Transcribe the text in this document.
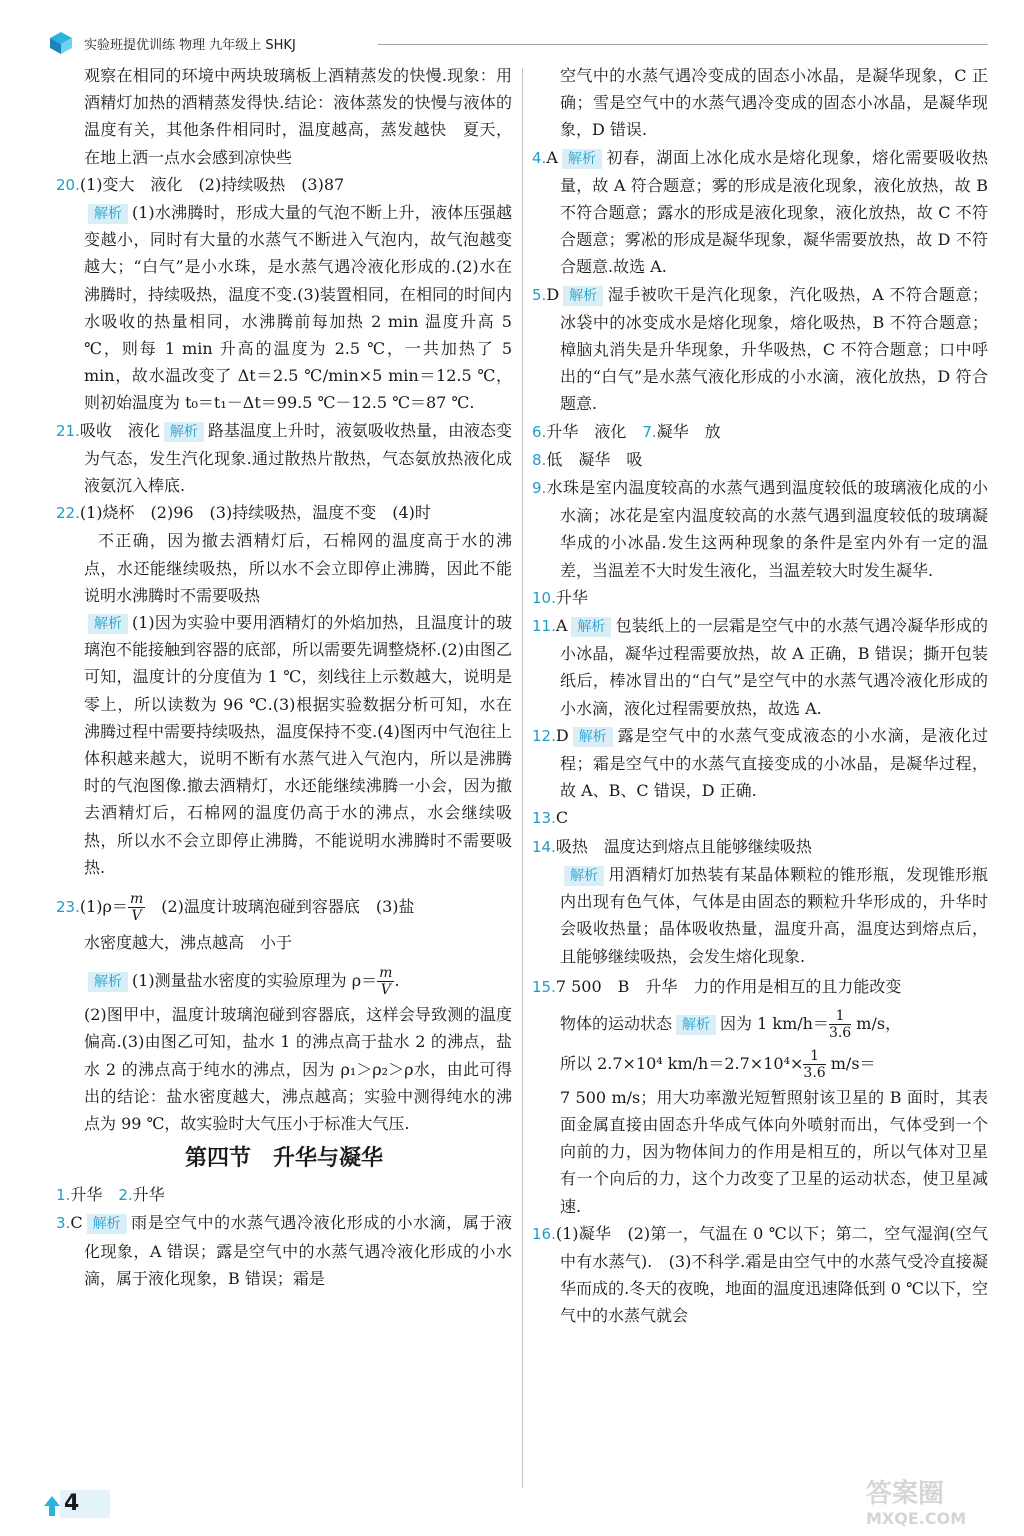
实验班提优训练 物理 九年级上 SHKJ

观察在相同的环境中两块玻璃板上酒精蒸发的快慢.现象：用酒精灯加热的酒精蒸发得快.结论：液体蒸发的快慢与液体的温度有关，其他条件相同时，温度越高，蒸发越快　夏天，在地上洒一点水会感到凉快些

20.(1)变大　液化　(2)持续吸热　(3)87

解析 (1)水沸腾时，形成大量的气泡不断上升，液体压强越变越小，同时有大量的水蒸气不断进入气泡内，故气泡越变越大；“白气”是小水珠，是水蒸气遇冷液化形成的.(2)水在沸腾时，持续吸热，温度不变.(3)装置相同，在相同的时间内水吸收的热量相同，水沸腾前每加热 2 min 温度升高 5 ℃，则每 1 min 升高的温度为 2.5 ℃，一共加热了 5 min，故水温改变了 Δt＝2.5 ℃/min×5 min＝12.5 ℃，则初始温度为 t₀＝t₁－Δt＝99.5 ℃－12.5 ℃＝87 ℃.

21.吸收　液化 解析 路基温度上升时，液氨吸收热量，由液态变为气态，发生汽化现象.通过散热片散热，气态氨放热液化成液氨沉入棒底.

22.(1)烧杯　(2)96　(3)持续吸热，温度不变　(4)时

不正确，因为撤去酒精灯后，石棉网的温度高于水的沸点，水还能继续吸热，所以水不会立即停止沸腾，因此不能说明水沸腾时不需要吸热

解析 (1)因为实验中要用酒精灯的外焰加热，且温度计的玻璃泡不能接触到容器的底部，所以需要先调整烧杯.(2)由图乙可知，温度计的分度值为 1 ℃，刻线往上示数越大，说明是零上，所以读数为 96 ℃.(3)根据实验数据分析可知，水在沸腾过程中需要持续吸热，温度保持不变.(4)图丙中气泡往上体积越来越大，说明不断有水蒸气进入气泡内，所以是沸腾时的气泡图像.撤去酒精灯，水还能继续沸腾一小会，因为撤去酒精灯后，石棉网的温度仍高于水的沸点，水会继续吸热，所以水不会立即停止沸腾，不能说明水沸腾时不需要吸热.

$23.(1)\rho= \frac{m}{V}$ 　(2)温度计玻璃泡碰到容器底　(3)盐

水密度越大，沸点越高　小于

解析 (1)测量盐水密度的实验原理为 $\rho= \frac{m}{V}$ .

(2)图甲中，温度计玻璃泡碰到容器底，这样会导致测的温度偏高.(3)由图乙可知，盐水 1 的沸点高于盐水 2 的沸点，盐水 2 的沸点高于纯水的沸点，因为 ρ₁＞ρ₂＞ρ水，由此可得出的结论：盐水密度越大，沸点越高；实验中测得纯水的沸点为 99 ℃，故实验时大气压小于标准大气压.

第四节　升华与凝华

1.升华　 2.升华

3.C 解析 雨是空气中的水蒸气遇冷液化形成的小水滴，属于液化现象，A 错误；露是空气中的水蒸气遇冷液化形成的小水滴，属于液化现象，B 错误；霜是

空气中的水蒸气遇冷变成的固态小冰晶，是凝华现象，C 正确；雪是空气中的水蒸气遇冷变成的固态小冰晶，是凝华现象，D 错误.

4.A 解析 初春，湖面上冰化成水是熔化现象，熔化需要吸收热量，故 A 符合题意；雾的形成是液化现象，液化放热，故 B 不符合题意；露水的形成是液化现象，液化放热，故 C 不符合题意；雾凇的形成是凝华现象，凝华需要放热，故 D 不符合题意.故选 A.

5.D 解析 湿手被吹干是汽化现象，汽化吸热，A 不符合题意；冰袋中的冰变成水是熔化现象，熔化吸热，B 不符合题意；樟脑丸消失是升华现象，升华吸热，C 不符合题意；口中呼出的“白气”是水蒸气液化形成的小水滴，液化放热，D 符合题意.

6.升华　液化　 7.凝华　放

8.低　凝华　吸

9.水珠是室内温度较高的水蒸气遇到温度较低的玻璃液化成的小水滴；冰花是室内温度较高的水蒸气遇到温度较低的玻璃凝华成的小冰晶.发生这两种现象的条件是室内外有一定的温差，当温差不大时发生液化，当温差较大时发生凝华.

10.升华

11.A 解析 包装纸上的一层霜是空气中的水蒸气遇冷凝华形成的小冰晶，凝华过程需要放热，故 A 正确，B 错误；撕开包装纸后，棒冰冒出的“白气”是空气中的水蒸气遇冷液化形成的小水滴，液化过程需要放热，故选 A.

12.D 解析 露是空气中的水蒸气变成液态的小水滴，是液化过程；霜是空气中的水蒸气直接变成的小冰晶，是凝华过程，故 A、B、C 错误，D 正确.

13.C

14.吸热　温度达到熔点且能够继续吸热

解析 用酒精灯加热装有某晶体颗粒的锥形瓶，发现锥形瓶内出现有色气体，气体是由固态的颗粒升华形成的，升华时会吸收热量；晶体吸收热量，温度升高，温度达到熔点后，且能够继续吸热，会发生熔化现象.

15.7 500　B　升华　力的作用是相互的且力能改变

物体的运动状态 解析 因为 1 $km/h= \frac{1}{3.6} m/s$，

所以 2.7×10⁴ $km/h=2.7\times 10^4\times \frac{1}{3.6} m/s=$

7 500 m/s；用大功率激光短暂照射该卫星的 B 面时，其表面金属直接由固态升华成气体向外喷射而出，气体受到一个向前的力，因为物体间力的作用是相互的，所以气体对卫星有一个向后的力，这个力改变了卫星的运动状态，使卫星减速.

16.(1)凝华　(2)第一，气温在 0 ℃以下；第二，空气湿润(空气中有水蒸气).　(3)不科学.霜是由空气中的水蒸气受冷直接凝华而成的.冬天的夜晚，地面的温度迅速降低到 0 ℃以下，空气中的水蒸气就会

4	答案圈
MXQE.COM
